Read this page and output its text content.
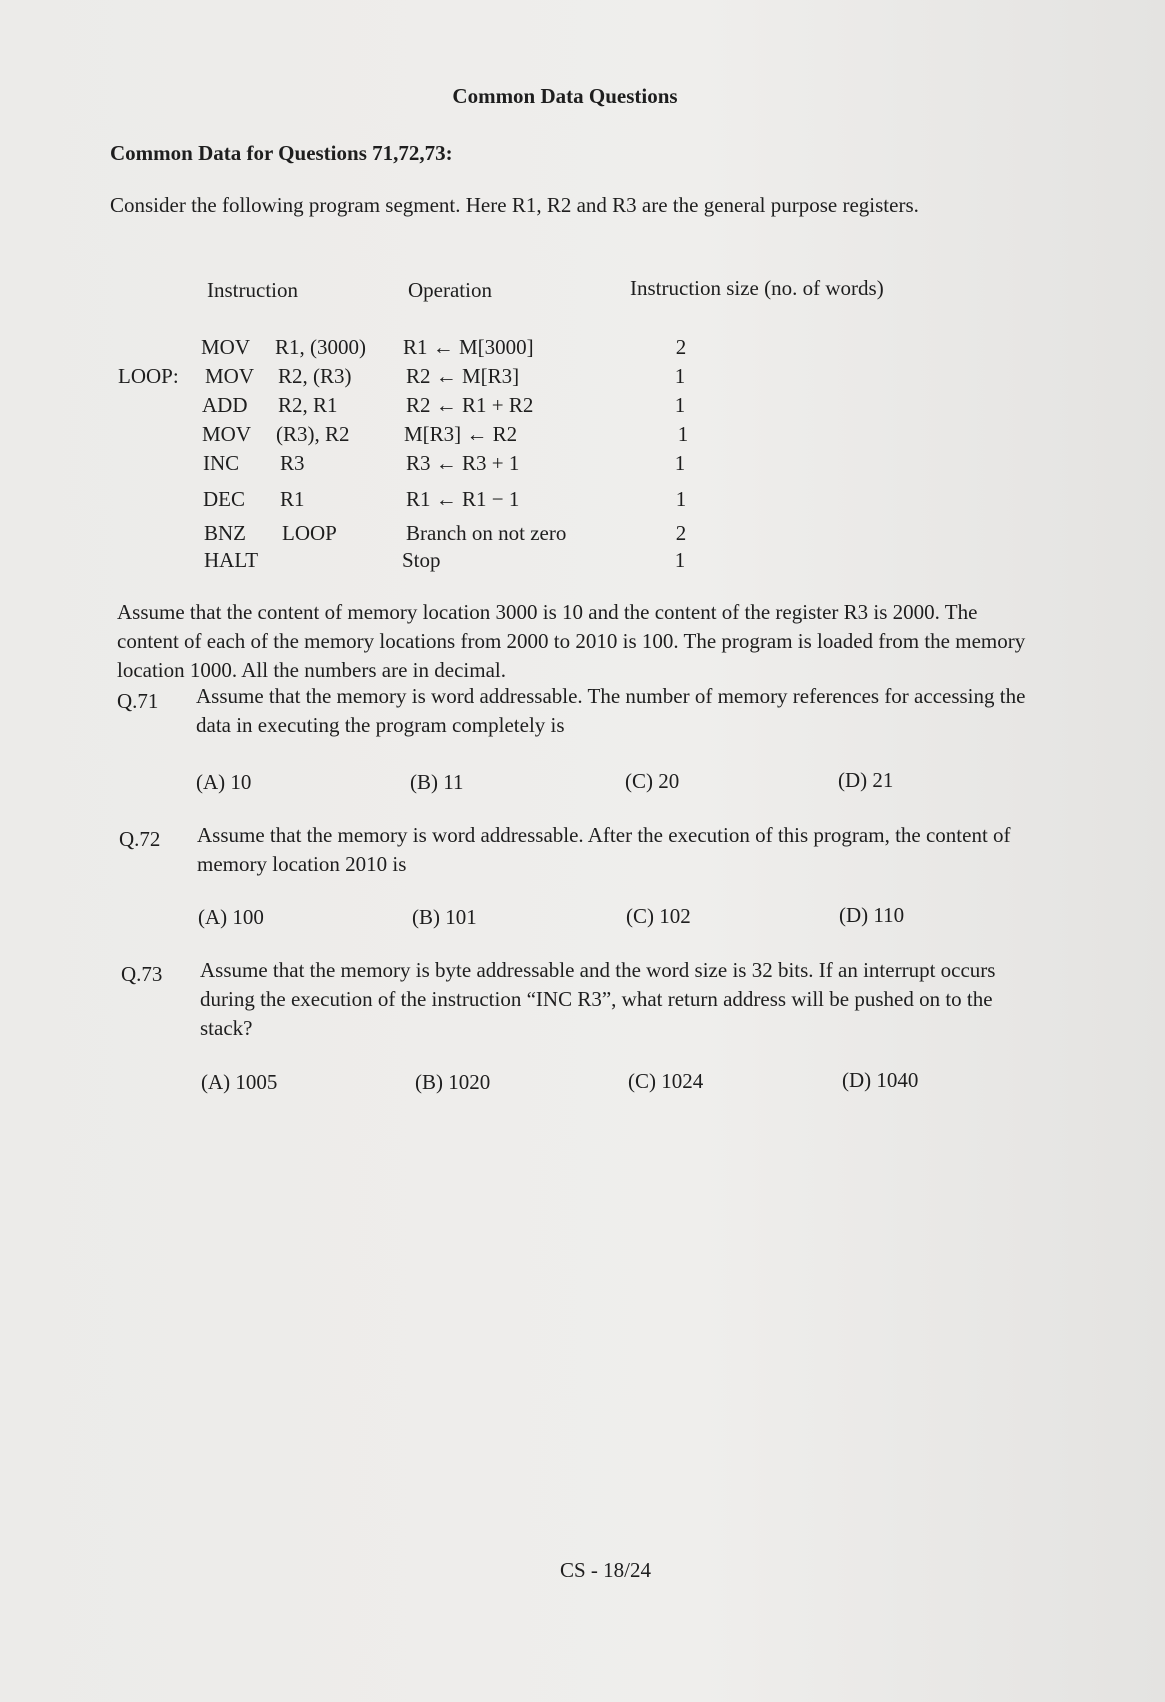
Common Data Questions
Common Data for Questions 71,72,73:
Consider the following program segment. Here R1, R2 and R3 are the general purpose registers.
Instruction	Operation	Instruction size (no. of words)
MOV R1, (3000) R1 ← M[3000]	2
LOOP: MOV R2, (R3)	R2 ← M[R3]	1
ADD R2, R1	R2 ← R1 + R2	1
MOV (R3), R2	M[R3] ← R2	1
INC R3	R3 ← R3 + 1	1
DEC R1	R1 ← R1 − 1	1
BNZ LOOP	Branch on not zero	2
HALT	Stop	1
Assume that the content of memory location 3000 is 10 and the content of the register R3 is 2000. The content of each of the memory locations from 2000 to 2010 is 100. The program is loaded from the memory location 1000. All the numbers are in decimal.
Q.71 Assume that the memory is word addressable. The number of memory references for accessing the data in executing the program completely is
(A) 10	(B) 11	(C) 20	(D) 21
Q.72 Assume that the memory is word addressable. After the execution of this program, the content of memory location 2010 is
(A) 100	(B) 101	(C) 102	(D) 110
Q.73 Assume that the memory is byte addressable and the word size is 32 bits. If an interrupt occurs during the execution of the instruction “INC R3”, what return address will be pushed on to the stack?
(A) 1005	(B) 1020	(C) 1024	(D) 1040
CS - 18/24
